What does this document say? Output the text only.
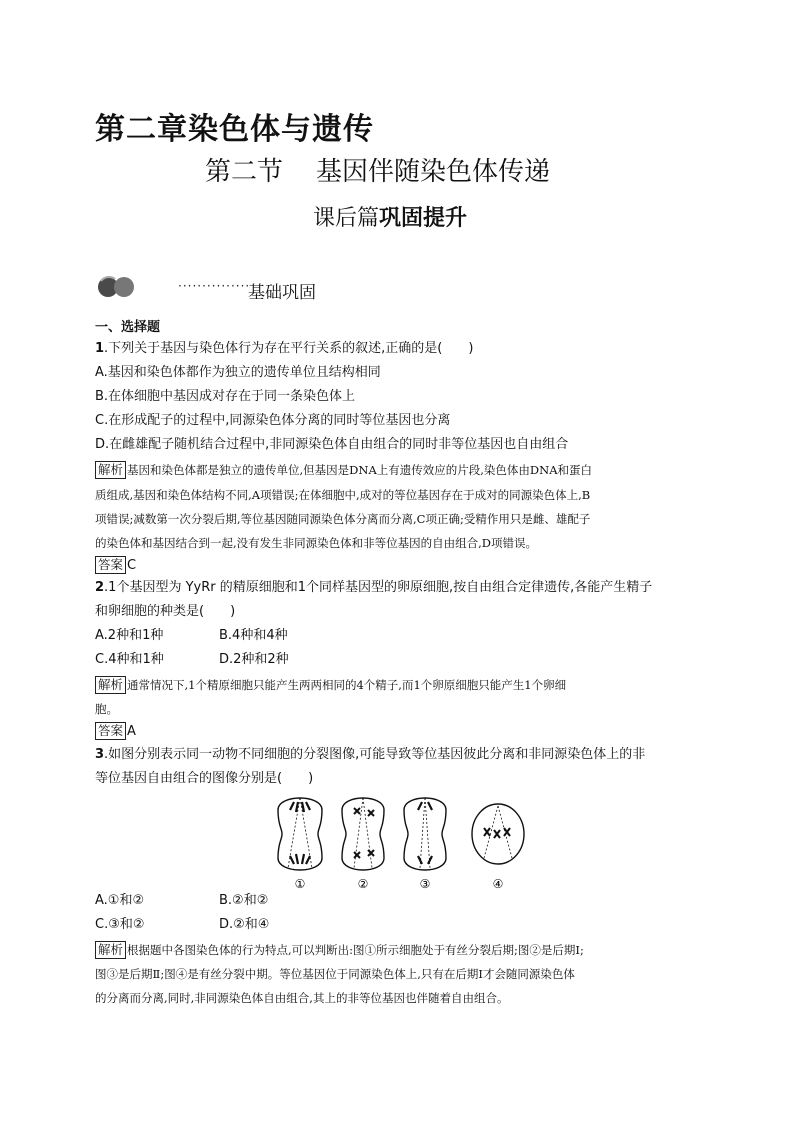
第二章染色体与遗传
第二节    基因伴随染色体传递
课后篇巩固提升
···············
基础巩固
一、选择题
1.下列关于基因与染色体行为存在平行关系的叙述,正确的是(　　)
A.基因和染色体都作为独立的遗传单位且结构相同
B.在体细胞中基因成对存在于同一条染色体上
C.在形成配子的过程中,同源染色体分离的同时等位基因也分离
D.在雌雄配子随机结合过程中,非同源染色体自由组合的同时非等位基因也自由组合
解析 基因和染色体都是独立的遗传单位,但基因是DNA上有遗传效应的片段,染色体由DNA和蛋白
质组成,基因和染色体结构不同,A项错误;在体细胞中,成对的等位基因存在于成对的同源染色体上,B
项错误;减数第一次分裂后期,等位基因随同源染色体分离而分离,C项正确;受精作用只是雌、雄配子
的染色体和基因结合到一起,没有发生非同源染色体和非等位基因的自由组合,D项错误。
答案 C
2.1个基因型为 YyRr 的精原细胞和1个同样基因型的卵原细胞,按自由组合定律遗传,各能产生精子
和卵细胞的种类是(　　)
A.2种和1种	B.4种和4种
C.4种和1种	D.2种和2种
解析 通常情况下,1个精原细胞只能产生两两相同的4个精子,而1个卵原细胞只能产生1个卵细
胞。
答案 A
3.如图分别表示同一动物不同细胞的分裂图像,可能导致等位基因彼此分离和非同源染色体上的非
等位基因自由组合的图像分别是(　　)
①	②	③	④
A.①和②	B.②和②
C.③和②	D.②和④
解析 根据题中各图染色体的行为特点,可以判断出:图①所示细胞处于有丝分裂后期;图②是后期Ⅰ;
图③是后期Ⅱ;图④是有丝分裂中期。等位基因位于同源染色体上,只有在后期Ⅰ才会随同源染色体
的分离而分离,同时,非同源染色体自由组合,其上的非等位基因也伴随着自由组合。
